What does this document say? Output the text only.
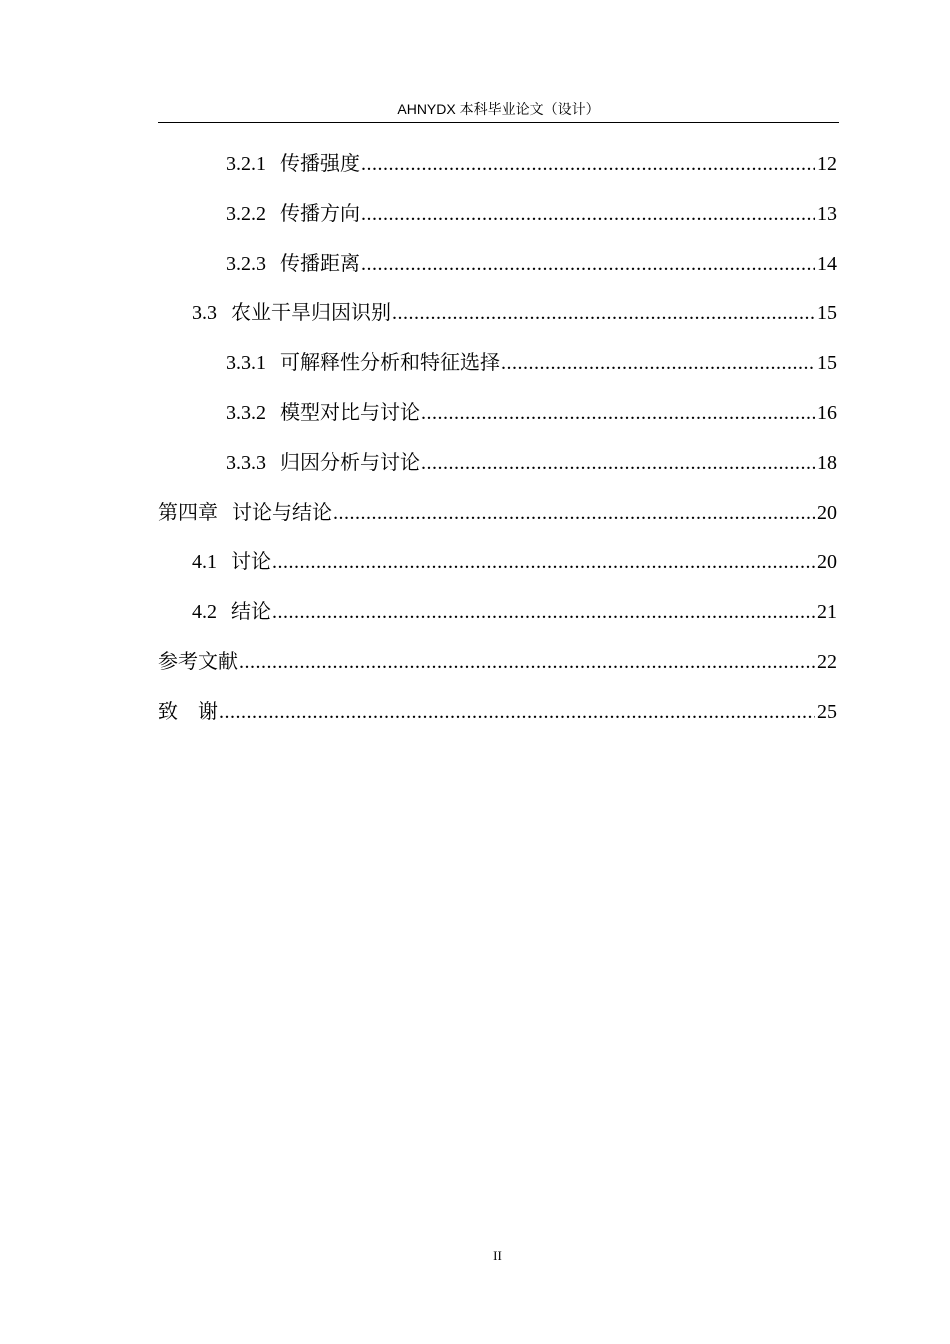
AHNYDX 本科毕业论文（设计）
3.2.1 传播强度 .....	12
3.2.2 传播方向 .....	13
3.2.3 传播距离 .....	14
3.3 农业干旱归因识别 .....	15
3.3.1 可解释性分析和特征选择 .....	15
3.3.2 模型对比与讨论 .....	16
3.3.3 归因分析与讨论 .....	18
第四章 讨论与结论 .....	20
4.1 讨论 .....	20
4.2 结论 .....	21
参考文献 .....	22
致　谢 .....	25
II
